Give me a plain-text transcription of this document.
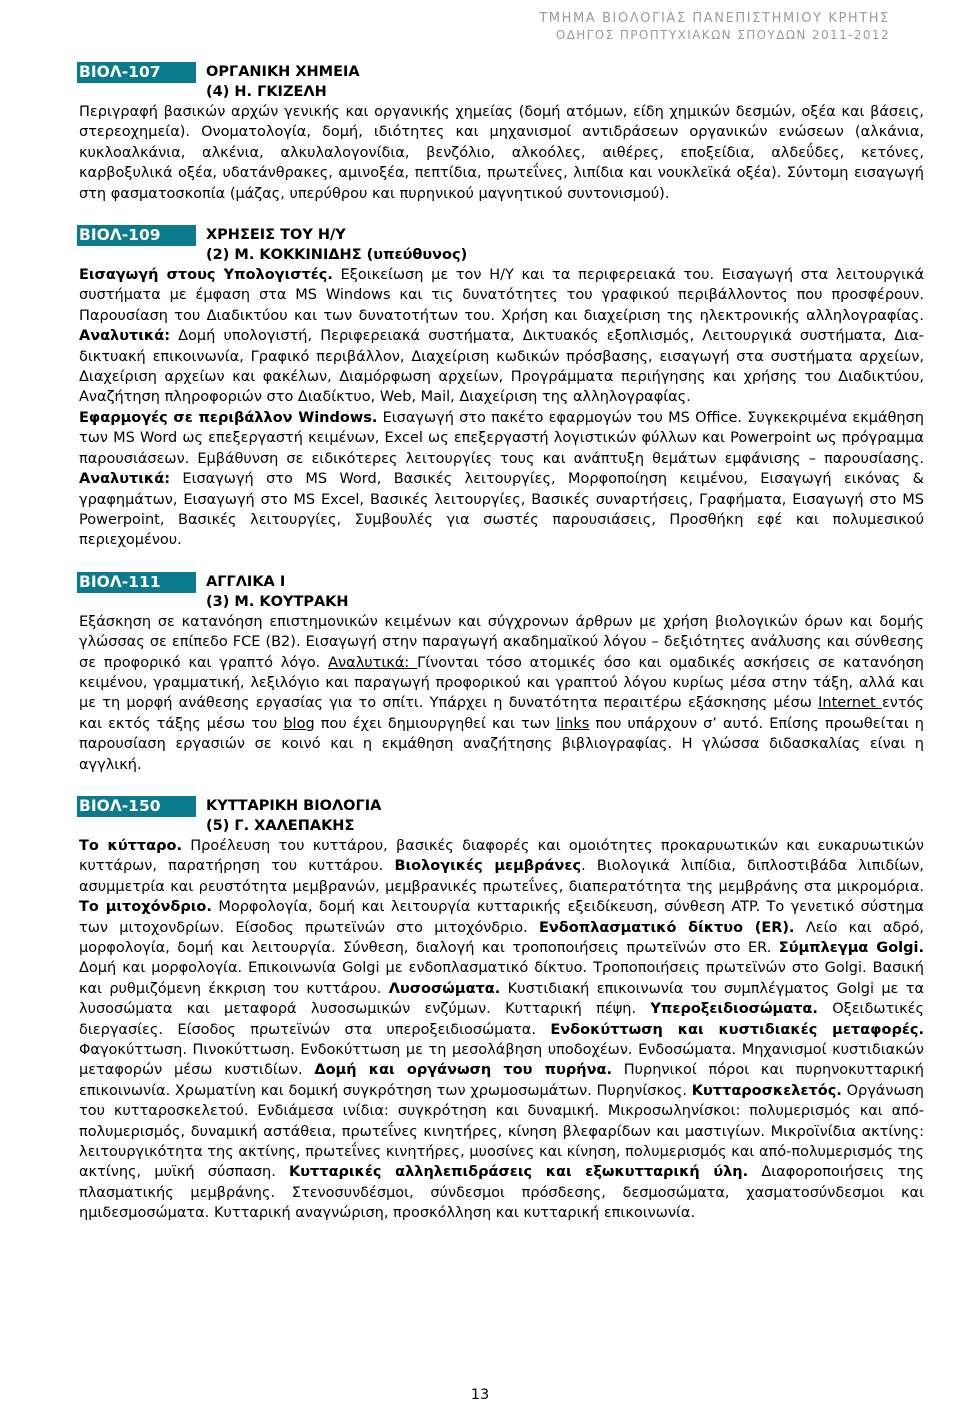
ΤΜΗΜΑ ΒΙΟΛΟΓΙΑΣ ΠΑΝΕΠΙΣΤΗΜΙΟΥ ΚΡΗΤΗΣ
ΟΔΗΓΟΣ ΠΡΟΠΤΥΧΙΑΚΩΝ ΣΠΟΥΔΩΝ 2011-2012
ΒΙΟΛ-107	ΟΡΓΑΝΙΚΗ ΧΗΜΕΙΑ
(4) Η. ΓΚΙΖΕΛΗ
Περιγραφή βασικών αρχών γενικής και οργανικής χημείας (δομή ατόμων, είδη χημικών δεσμών, οξέα και βάσεις, στερεοχημεία). Ονοματολογία, δομή, ιδιότητες και μηχανισμοί αντιδράσεων οργανικών ενώσεων (αλκάνια, κυκλοαλκάνια, αλκένια, αλκυλαλογονίδια, βενζόλιο, αλκοόλες, αιθέρες, εποξείδια, αλδεΰδες, κετόνες, καρβοξυλικά οξέα, υδατάνθρακες, αμινοξέα, πεπτίδια, πρωτεΐνες, λιπίδια και νουκλεϊκά οξέα). Σύντομη εισαγωγή στη φασματοσκοπία (μάζας, υπερύθρου και πυρηνικού μαγνητικού συντονισμού).
ΒΙΟΛ-109	ΧΡΗΣΕΙΣ ΤΟΥ Η/Υ
(2) Μ. ΚΟΚΚΙΝΙΔΗΣ (υπεύθυνος)
Εισαγωγή στους Υπολογιστές. Εξοικείωση με τον Η/Υ και τα περιφερειακά του. Εισαγωγή στα λειτουργικά συστήματα με έμφαση στα MS Windows και τις δυνατότητες του γραφικού περιβάλλοντος που προσφέρουν. Παρουσίαση του Διαδικτύου και των δυνατοτήτων του. Χρήση και διαχείριση της ηλεκτρονικής αλληλογραφίας. Αναλυτικά: Δομή υπολογιστή, Περιφερειακά συστήματα, Δικτυακός εξοπλισμός, Λειτουργικά συστήματα, Δια-δικτυακή επικοινωνία, Γραφικό περιβάλλον, Διαχείριση κωδικών πρόσβασης, εισαγωγή στα συστήματα αρχείων, Διαχείριση αρχείων και φακέλων, Διαμόρφωση αρχείων, Προγράμματα περιήγησης και χρήσης του Διαδικτύου, Αναζήτηση πληροφοριών στο Διαδίκτυο, Web, Mail, Διαχείριση της αλληλογραφίας.
Εφαρμογές σε περιβάλλον Windows. Εισαγωγή στο πακέτο εφαρμογών του MS Office. Συγκεκριμένα εκμάθηση των MS Word ως επεξεργαστή κειμένων, Excel ως επεξεργαστή λογιστικών φύλλων και Powerpoint ως πρόγραμμα παρουσιάσεων. Εμβάθυνση σε ειδικότερες λειτουργίες τους και ανάπτυξη θεμάτων εμφάνισης – παρουσίασης. Αναλυτικά: Εισαγωγή στο MS Word, Βασικές λειτουργίες, Μορφοποίηση κειμένου, Εισαγωγή εικόνας & γραφημάτων, Εισαγωγή στο MS Excel, Βασικές λειτουργίες, Βασικές συναρτήσεις, Γραφήματα, Εισαγωγή στο MS Powerpoint, Βασικές λειτουργίες, Συμβουλές για σωστές παρουσιάσεις, Προσθήκη εφέ και πολυμεσικού περιεχομένου.
ΒΙΟΛ-111	ΑΓΓΛΙΚΑ Ι
(3) Μ. ΚΟΥΤΡΑΚΗ
Εξάσκηση σε κατανόηση επιστημονικών κειμένων και σύγχρονων άρθρων με χρήση βιολογικών όρων και δομής γλώσσας σε επίπεδο FCE (B2). Εισαγωγή στην παραγωγή ακαδημαϊκού λόγου – δεξιότητες ανάλυσης και σύνθεσης σε προφορικό και γραπτό λόγο. Αναλυτικά: Γίνονται τόσο ατομικές όσο και ομαδικές ασκήσεις σε κατανόηση κειμένου, γραμματική, λεξιλόγιο και παραγωγή προφορικού και γραπτού λόγου κυρίως μέσα στην τάξη, αλλά και με τη μορφή ανάθεσης εργασίας για το σπίτι. Υπάρχει η δυνατότητα περαιτέρω εξάσκησης μέσω Internet εντός και εκτός τάξης μέσω του blog που έχει δημιουργηθεί και των links που υπάρχουν σ’ αυτό. Επίσης προωθείται η παρουσίαση εργασιών σε κοινό και η εκμάθηση αναζήτησης βιβλιογραφίας. Η γλώσσα διδασκαλίας είναι η αγγλική.
ΒΙΟΛ-150	ΚΥΤΤΑΡΙΚΗ ΒΙΟΛΟΓΙΑ
(5) Γ. ΧΑΛΕΠΑΚΗΣ
Το κύτταρο. Προέλευση του κυττάρου, βασικές διαφορές και ομοιότητες προκαρυωτικών και ευκαρυωτικών κυττάρων, παρατήρηση του κυττάρου. Βιολογικές μεμβράνες. Βιολογικά λιπίδια, διπλοστιβάδα λιπιδίων, ασυμμετρία και ρευστότητα μεμβρανών, μεμβρανικές πρωτεΐνες, διαπερατότητα της μεμβράνης στα μικρομόρια. Το μιτοχόνδριο. Μορφολογία, δομή και λειτουργία κυτταρικής εξειδίκευση, σύνθεση ATP. Το γενετικό σύστημα των μιτοχονδρίων. Είσοδος πρωτεϊνών στο μιτοχόνδριο. Ενδοπλασματικό δίκτυο (ER). Λείο και αδρό, μορφολογία, δομή και λειτουργία. Σύνθεση, διαλογή και τροποποιήσεις πρωτεϊνών στο ER. Σύμπλεγμα Golgi. Δομή και μορφολογία. Επικοινωνία Golgi με ενδοπλασματικό δίκτυο. Τροποποιήσεις πρωτεϊνών στο Golgi. Βασική και ρυθμιζόμενη έκκριση του κυττάρου. Λυσοσώματα. Κυστιδιακή επικοινωνία του συμπλέγματος Golgi με τα λυσοσώματα και μεταφορά λυσοσωμικών ενζύμων. Κυτταρική πέψη. Υπεροξειδιοσώματα. Οξειδωτικές διεργασίες. Είσοδος πρωτεϊνών στα υπεροξειδιοσώματα. Ενδοκύττωση και κυστιδιακές μεταφορές. Φαγοκύττωση. Πινοκύττωση. Ενδοκύττωση με τη μεσολάβηση υποδοχέων. Ενδοσώματα. Μηχανισμοί κυστιδιακών μεταφορών μέσω κυστιδίων. Δομή και οργάνωση του πυρήνα. Πυρηνικοί πόροι και πυρηνοκυτταρική επικοινωνία. Χρωματίνη και δομική συγκρότηση των χρωμοσωμάτων. Πυρηνίσκος. Κυτταροσκελετός. Οργάνωση του κυτταροσκελετού. Ενδιάμεσα ινίδια: συγκρότηση και δυναμική. Μικροσωληνίσκοι: πολυμερισμός και από-πολυμερισμός, δυναμική αστάθεια, πρωτεΐνες κινητήρες, κίνηση βλεφαρίδων και μαστιγίων. Μικροϊνίδια ακτίνης: λειτουργικότητα της ακτίνης, πρωτεΐνες κινητήρες, μυοσίνες και κίνηση, πολυμερισμός και από-πολυμερισμός της ακτίνης, μυϊκή σύσπαση. Κυτταρικές αλληλεπιδράσεις και εξωκυτταρική ύλη. Διαφοροποιήσεις της πλασματικής μεμβράνης. Στενοσυνδέσμοι, σύνδεσμοι πρόσδεσης, δεσμοσώματα, χασματοσύνδεσμοι και ημιδεσμοσώματα. Κυτταρική αναγνώριση, προσκόλληση και κυτταρική επικοινωνία.
13
